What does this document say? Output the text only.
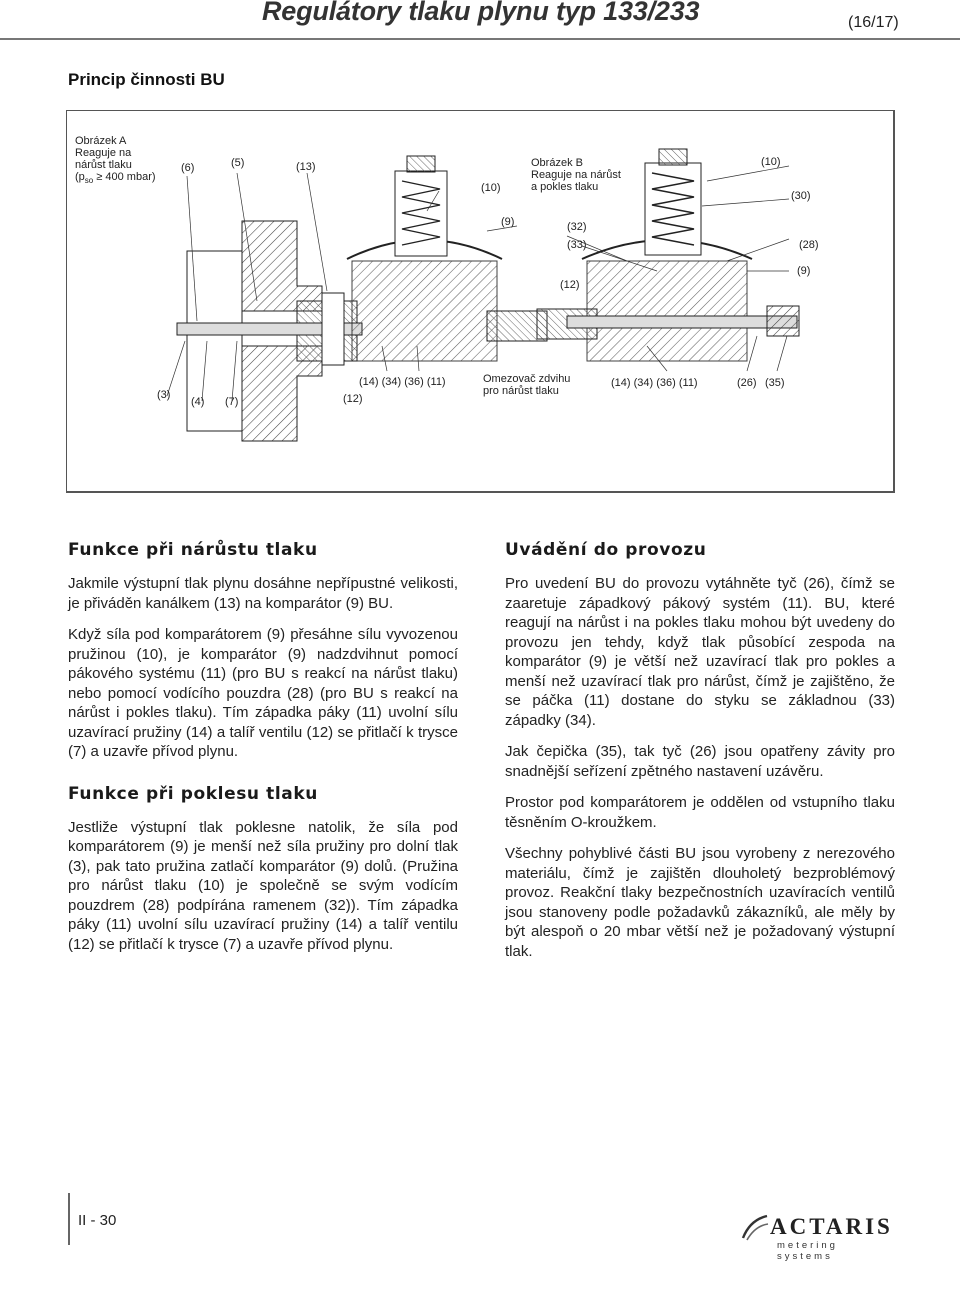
Regulátory tlaku plynu typ 133/233	(16/17)
Princip činnosti BU
Obrázek A
Reaguje na
nárůst tlaku
($p_{so} \ge 400$ mbar)
Obrázek B
Reaguje na nárůst
a pokles tlaku
Omezovač zdvihu
pro nárůst tlaku
(6)	(5)	(13)
(10)
(9)	(32)
(33)
(12)
(10)
(30)
(28)
(9)
(3)
(4) (7)	(12)
(14) (34) (36) (11)	(14) (34) (36) (11)	(26) (35)
Funkce při nárůstu tlaku

Jakmile výstupní tlak plynu dosáhne nepřípustné velikosti, je přiváděn kanálkem (13) na komparátor (9) BU.

Když síla pod komparátorem (9) přesáhne sílu vyvozenou pružinou (10), je komparátor (9) nadzdvihnut pomocí pákového systému (11) (pro BU s reakcí na nárůst tlaku) nebo pomocí vodícího pouzdra (28) (pro BU s reakcí na nárůst i pokles tlaku). Tím západka páky (11) uvolní sílu uzavírací pružiny (14) a talíř ventilu (12) se přitlačí k trysce (7) a uzavře přívod plynu.

Funkce při poklesu tlaku

Jestliže výstupní tlak poklesne natolik, že síla pod komparátorem (9) je menší než síla pružiny pro dolní tlak (3), pak tato pružina zatlačí komparátor (9) dolů. (Pružina pro nárůst tlaku (10) je společně se svým vodícím pouzdrem (28) podpírána ramenem (32)). Tím západka páky (11) uvolní sílu uzavírací pružiny (14) a talíř ventilu (12) se přitlačí k trysce (7) a uzavře přívod plynu.

Uvádění do provozu

Pro uvedení BU do provozu vytáhněte tyč (26), čímž se zaaretuje západkový pákový systém (11). BU, které reagují na nárůst i na pokles tlaku mohou být uvedeny do provozu jen tehdy, když tlak působící zespoda na komparátor (9) je větší než uzavírací tlak pro pokles a menší než uzavírací tlak pro nárůst, čímž je zajištěno, že se páčka (11) dostane do styku se základnou (33) západky (34).

Jak čepička (35), tak tyč (26) jsou opatřeny závity pro snadnější seřízení zpětného nastavení uzávěru.

Prostor pod komparátorem je oddělen od vstupního tlaku těsněním O-kroužkem.

Všechny pohyblivé části BU jsou vyrobeny z nerezového materiálu, čímž je zajištěn dlouholetý bezproblémový provoz. Reakční tlaky bezpečnostních uzavíracích ventilů jsou stanoveny podle požadavků zákazníků, ale měly by být alespoň o 20 mbar větší než je požadovaný výstupní tlak.

II - 30	ACTARIS
metering systems
